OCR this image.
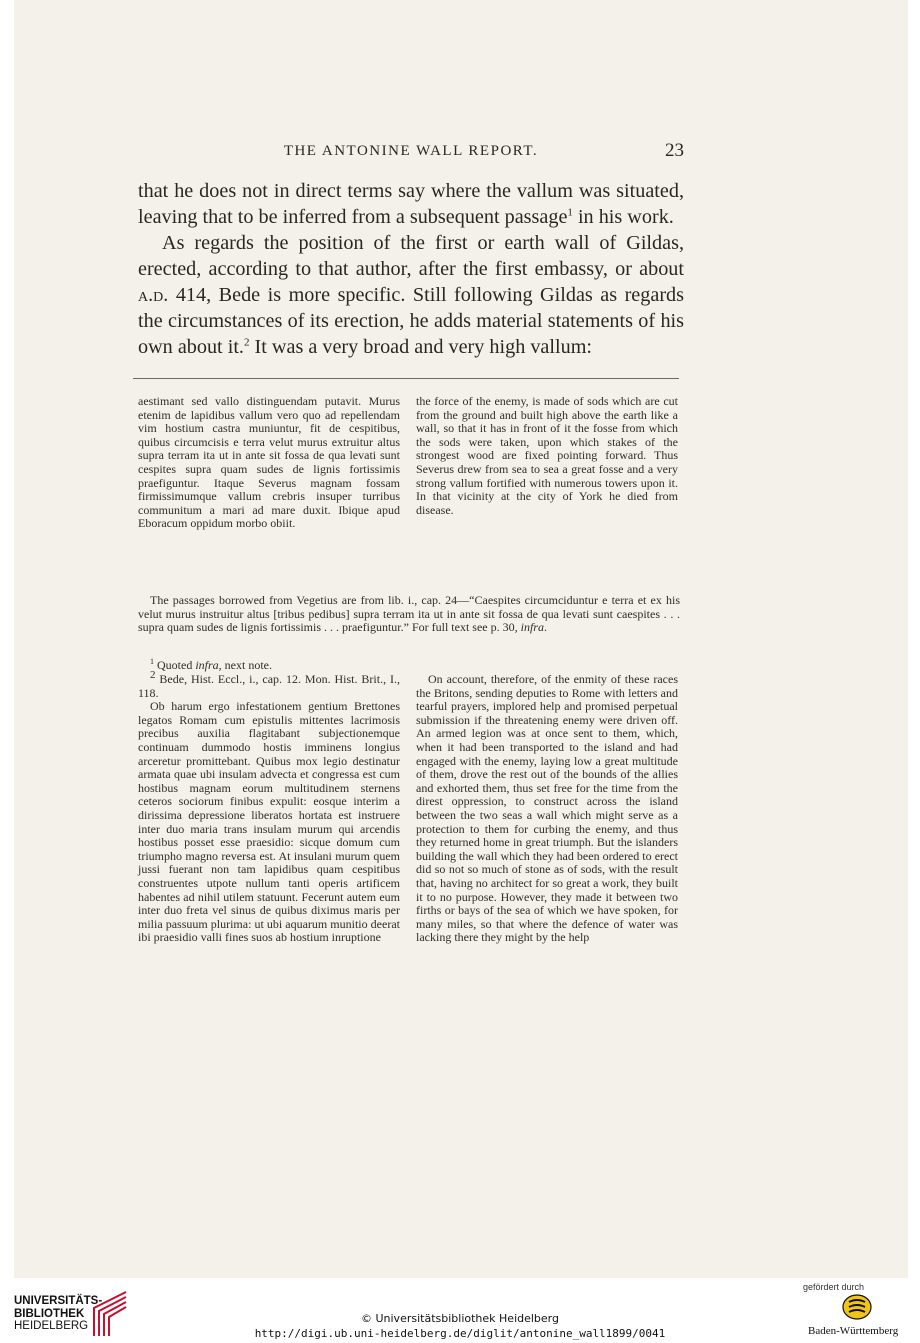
THE ANTONINE WALL REPORT.	23

that he does not in direct terms say where the vallum was situated, leaving that to be inferred from a subsequent passage$^1$ in his work.

As regards the position of the first or earth wall of Gildas, erected, according to that author, after the first embassy, or about a.d. 414, Bede is more specific. Still following Gildas as regards the circumstances of its erection, he adds material statements of his own about it.$^2$ It was a very broad and very high vallum:

aestimant sed vallo distinguendam putavit. Murus etenim de lapidibus vallum vero quo ad repellendam vim hostium castra muniuntur, fit de cespitibus, quibus circumcisis e terra velut murus extruitur altus supra terram ita ut in ante sit fossa de qua levati sunt cespites supra quam sudes de lignis fortissimis praefiguntur. Itaque Severus magnam fossam firmissimumque vallum crebris insuper turribus communitum a mari ad mare duxit. Ibique apud Eboracum oppidum morbo obiit.

the force of the enemy, is made of sods which are cut from the ground and built high above the earth like a wall, so that it has in front of it the fosse from which the sods were taken, upon which stakes of the strongest wood are fixed pointing forward. Thus Severus drew from sea to sea a great fosse and a very strong vallum fortified with numerous towers upon it. In that vicinity at the city of York he died from disease.

The passages borrowed from Vegetius are from lib. i., cap. 24—“Caespites circumciduntur e terra et ex his velut murus instruitur altus [tribus pedibus] supra terram ita ut in ante sit fossa de qua levati sunt caespites . . . supra quam sudes de lignis fortissimis . . . praefiguntur.” For full text see p. 30, infra.

$^1$ Quoted infra, next note.

$^2$ Bede, Hist. Eccl., i., cap. 12. Mon. Hist. Brit., I., 118.

Ob harum ergo infestationem gentium Brettones legatos Romam cum epistulis mittentes lacrimosis precibus auxilia flagitabant subjectionemque continuam dummodo hostis imminens longius arceretur promittebant. Quibus mox legio destinatur armata quae ubi insulam advecta et congressa est cum hostibus magnam eorum multitudinem sternens ceteros sociorum finibus expulit: eosque interim a dirissima depressione liberatos hortata est instruere inter duo maria trans insulam murum qui arcendis hostibus posset esse praesidio: sicque domum cum triumpho magno reversa est. At insulani murum quem jussi fuerant non tam lapidibus quam cespitibus construentes utpote nullum tanti operis artificem habentes ad nihil utilem statuunt. Fecerunt autem eum inter duo freta vel sinus de quibus diximus maris per milia passuum plurima: ut ubi aquarum munitio deerat ibi praesidio valli fines suos ab hostium inruptione

On account, therefore, of the enmity of these races the Britons, sending deputies to Rome with letters and tearful prayers, implored help and promised perpetual submission if the threatening enemy were driven off. An armed legion was at once sent to them, which, when it had been transported to the island and had engaged with the enemy, laying low a great multitude of them, drove the rest out of the bounds of the allies and exhorted them, thus set free for the time from the direst oppression, to construct across the island between the two seas a wall which might serve as a protection to them for curbing the enemy, and thus they returned home in great triumph. But the islanders building the wall which they had been ordered to erect did so not so much of stone as of sods, with the result that, having no architect for so great a work, they built it to no purpose. However, they made it between two firths or bays of the sea of which we have spoken, for many miles, so that where the defence of water was lacking there they might by the help

UNIVERSITÄTS-
BIBLIOTHEK
HEIDELBERG
© Universitätsbibliothek Heidelberg
http://digi.ub.uni-heidelberg.de/diglit/antonine_wall1899/0041
gefördert durch
Baden-Württemberg
